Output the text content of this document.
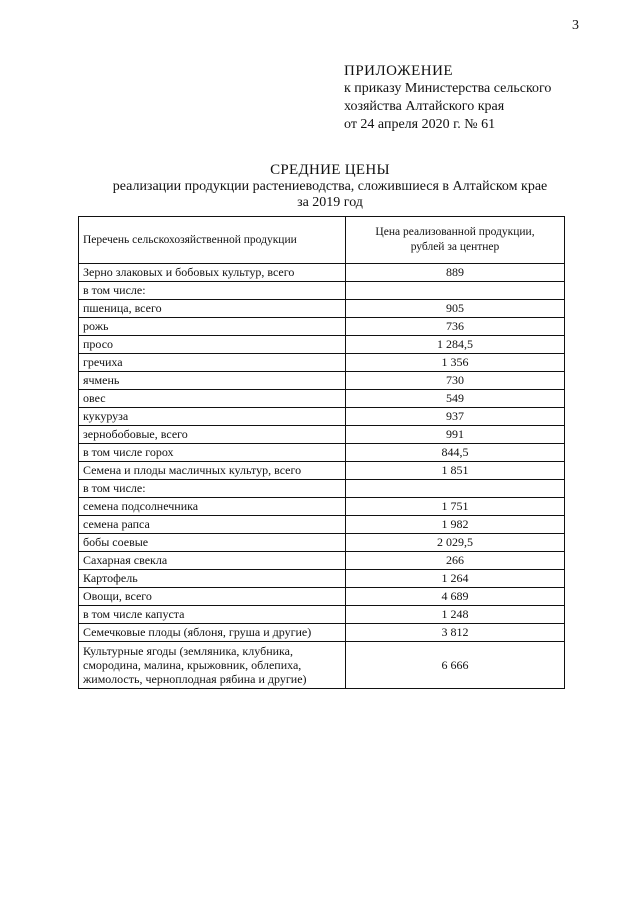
3
ПРИЛОЖЕНИЕ
к приказу Министерства сельского
хозяйства Алтайского края
от 24 апреля 2020 г. № 61
СРЕДНИЕ ЦЕНЫ
реализации продукции растениеводства, сложившиеся в Алтайском крае
за 2019 год
Перечень сельскохозяйственной продукции	Цена реализованной продукции,
рублей за центнер

Зерно злаковых и бобовых культур, всего	889
в том числе:	
пшеница, всего	905
рожь	736
просо	1 284,5
гречиха	1 356
ячмень	730
овес	549
кукуруза	937
зернобобовые, всего	991
в том числе горох	844,5
Семена и плоды масличных культур, всего	1 851
в том числе:	
семена подсолнечника	1 751
семена рапса	1 982
бобы соевые	2 029,5
Сахарная свекла	266
Картофель	1 264
Овощи, всего	4 689
в том числе капуста	1 248
Семечковые плоды (яблоня, груша и другие)	3 812

Культурные ягоды (земляника, клубника,
смородина, малина, крыжовник, облепиха,
жимолость, черноплодная рябина и другие)	6 666
